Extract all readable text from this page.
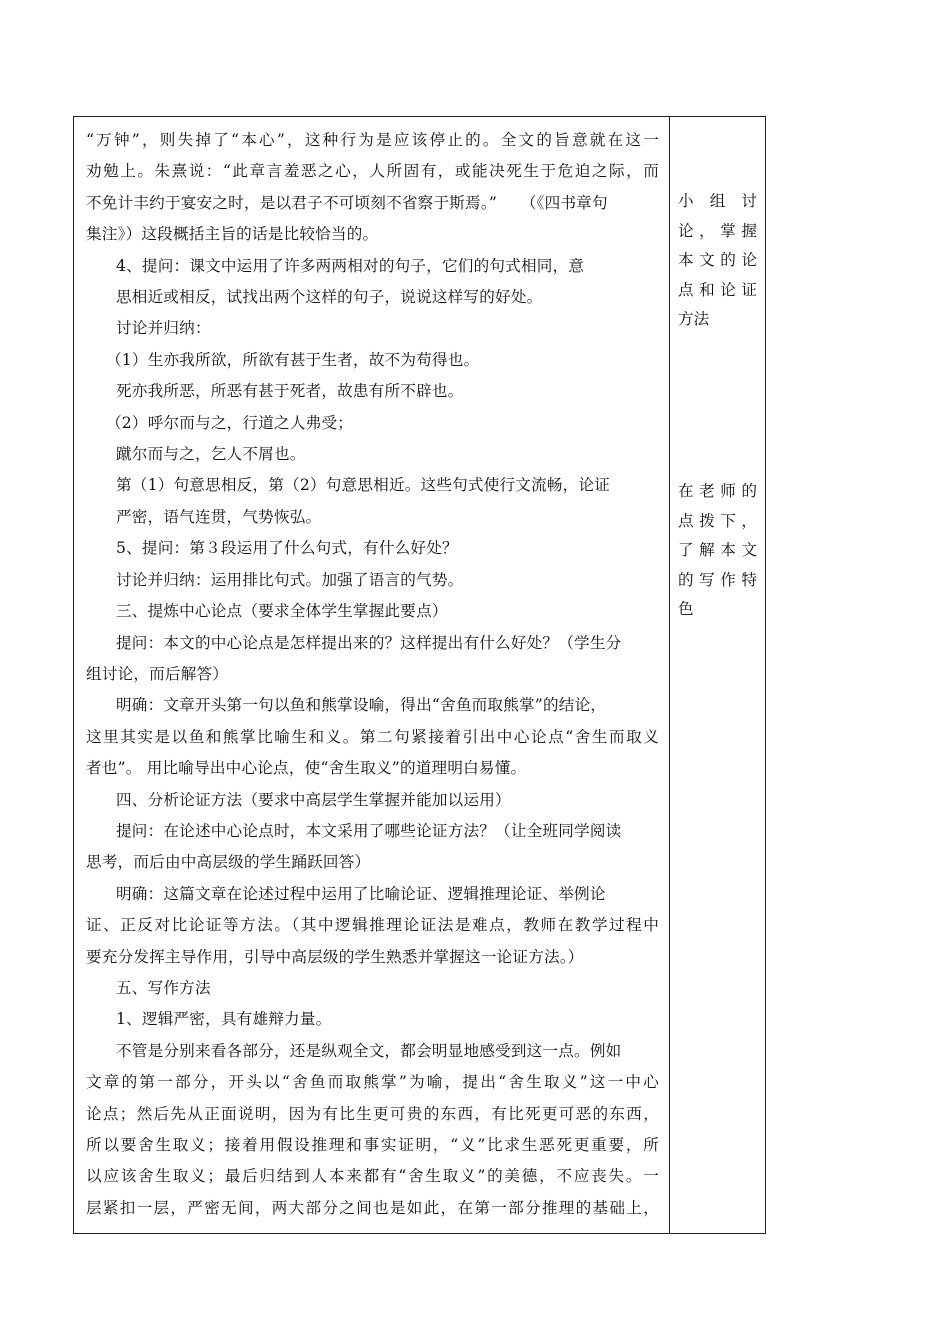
“万钟”，则失掉了“本心”，这种行为是应该停止的。全文的旨意就在这一
劝勉上。朱熹说：“此章言羞恶之心，人所固有，或能决死生于危迫之际，而
不免计丰约于宴安之时，是以君子不可顷刻不省察于斯焉。”　　（《四书章句
集注》）这段概括主旨的话是比较恰当的。
4、提问：课文中运用了许多两两相对的句子，它们的句式相同，意
思相近或相反，试找出两个这样的句子，说说这样写的好处。
讨论并归纳：
（1）生亦我所欲，所欲有甚于生者，故不为苟得也。
死亦我所恶，所恶有甚于死者，故患有所不辟也。
（2）呼尔而与之，行道之人弗受；
蹴尔而与之，乞人不屑也。
第（1）句意思相反，第（2）句意思相近。这些句式使行文流畅，论证
严密，语气连贯，气势恢弘。
5、提问：第３段运用了什么句式，有什么好处？
讨论并归纳：运用排比句式。加强了语言的气势。
三、提炼中心论点（要求全体学生掌握此要点）
提问：本文的中心论点是怎样提出来的？这样提出有什么好处？（学生分
组讨论，而后解答）
明确：文章开头第一句以鱼和熊掌设喻，得出“舍鱼而取熊掌”的结论，
这里其实是以鱼和熊掌比喻生和义。第二句紧接着引出中心论点“舍生而取义
者也”。 用比喻导出中心论点，使“舍生取义”的道理明白易懂。
四、分析论证方法（要求中高层学生掌握并能加以运用）
提问：在论述中心论点时，本文采用了哪些论证方法？（让全班同学阅读
思考，而后由中高层级的学生踊跃回答）
明确：这篇文章在论述过程中运用了比喻论证、逻辑推理论证、举例论
证、正反对比论证等方法。（其中逻辑推理论证法是难点，教师在教学过程中
要充分发挥主导作用，引导中高层级的学生熟悉并掌握这一论证方法。）
五、写作方法
1、逻辑严密，具有雄辩力量。
不管是分别来看各部分，还是纵观全文，都会明显地感受到这一点。例如
文章的第一部分，开头以“舍鱼而取熊掌”为喻，提出“舍生取义”这一中心
论点；然后先从正面说明，因为有比生更可贵的东西，有比死更可恶的东西，
所以要舍生取义；接着用假设推理和事实证明，“义”比求生恶死更重要，所
以应该舍生取义；最后归结到人本来都有“舍生取义”的美德，不应丧失。一
层紧扣一层，严密无间，两大部分之间也是如此，在第一部分推理的基础上，
小　组　讨
论，掌握
本文的论
点和论证
方法
在老师的
点拨下，
了解本文
的写作特
色
